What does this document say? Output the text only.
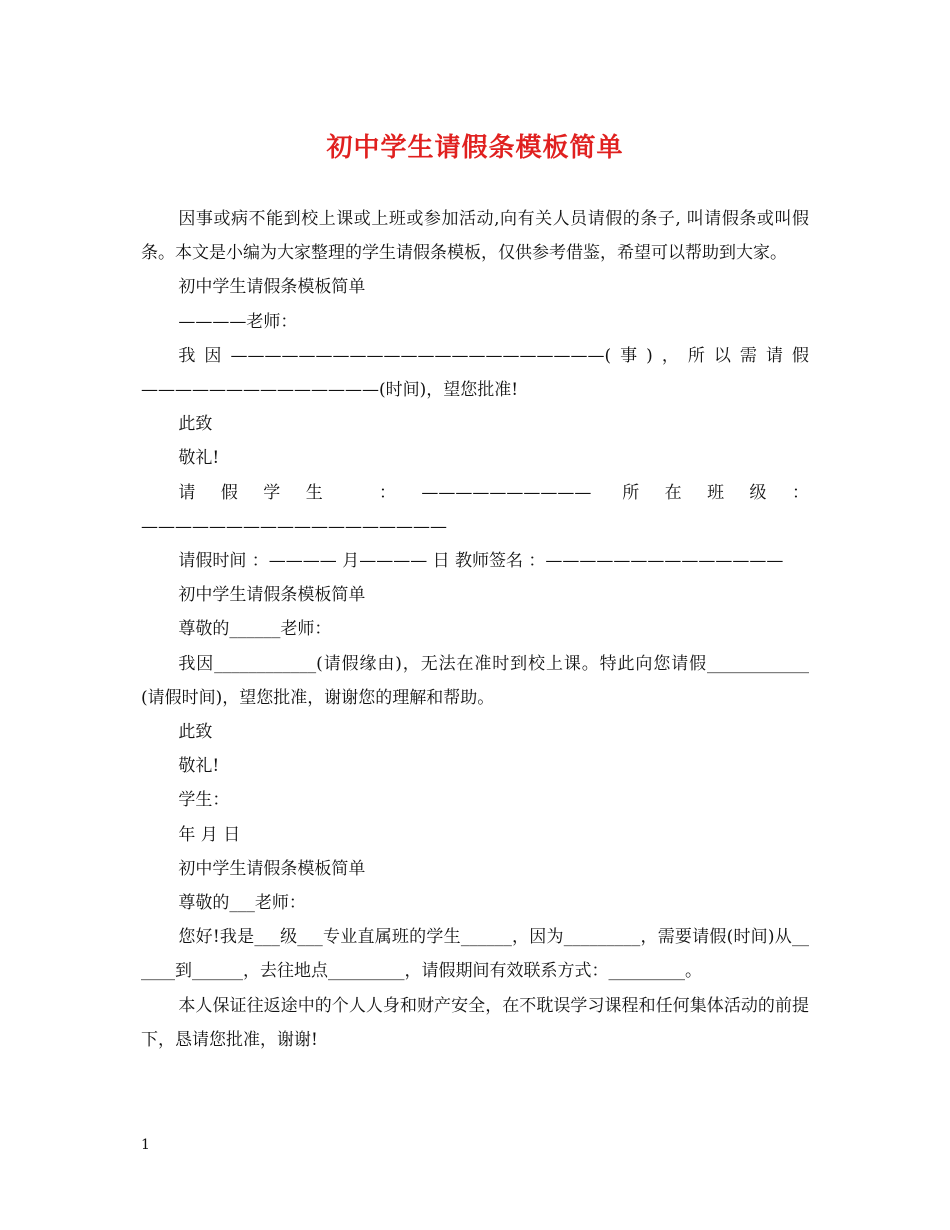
初中学生请假条模板简单

因事或病不能到校上课或上班或参加活动,向有关人员请假的条子, 叫请假条或叫假条。本文是小编为大家整理的学生请假条模板，仅供参考借鉴，希望可以帮助到大家。

初中学生请假条模板简单

————老师：

我因——————————————————————(事)，所以需请假——————————————(时间)，望您批准!

此致

敬礼!

请假学生 ：—————————— 所在班级：——————————————————

请假时间 ：———— 月———— 日 教师签名 ：——————————————

初中学生请假条模板简单

尊敬的______老师：

我因____________(请假缘由)，无法在准时到校上课。特此向您请假____________(请假时间)，望您批准，谢谢您的理解和帮助。

此致

敬礼!

学生：

年 月 日

初中学生请假条模板简单

尊敬的___老师：

您好!我是___级___专业直属班的学生______，因为_________，需要请假(时间)从______到______，去往地点_________，请假期间有效联系方式：_________。

本人保证往返途中的个人人身和财产安全，在不耽误学习课程和任何集体活动的前提下，恳请您批准，谢谢!

1
